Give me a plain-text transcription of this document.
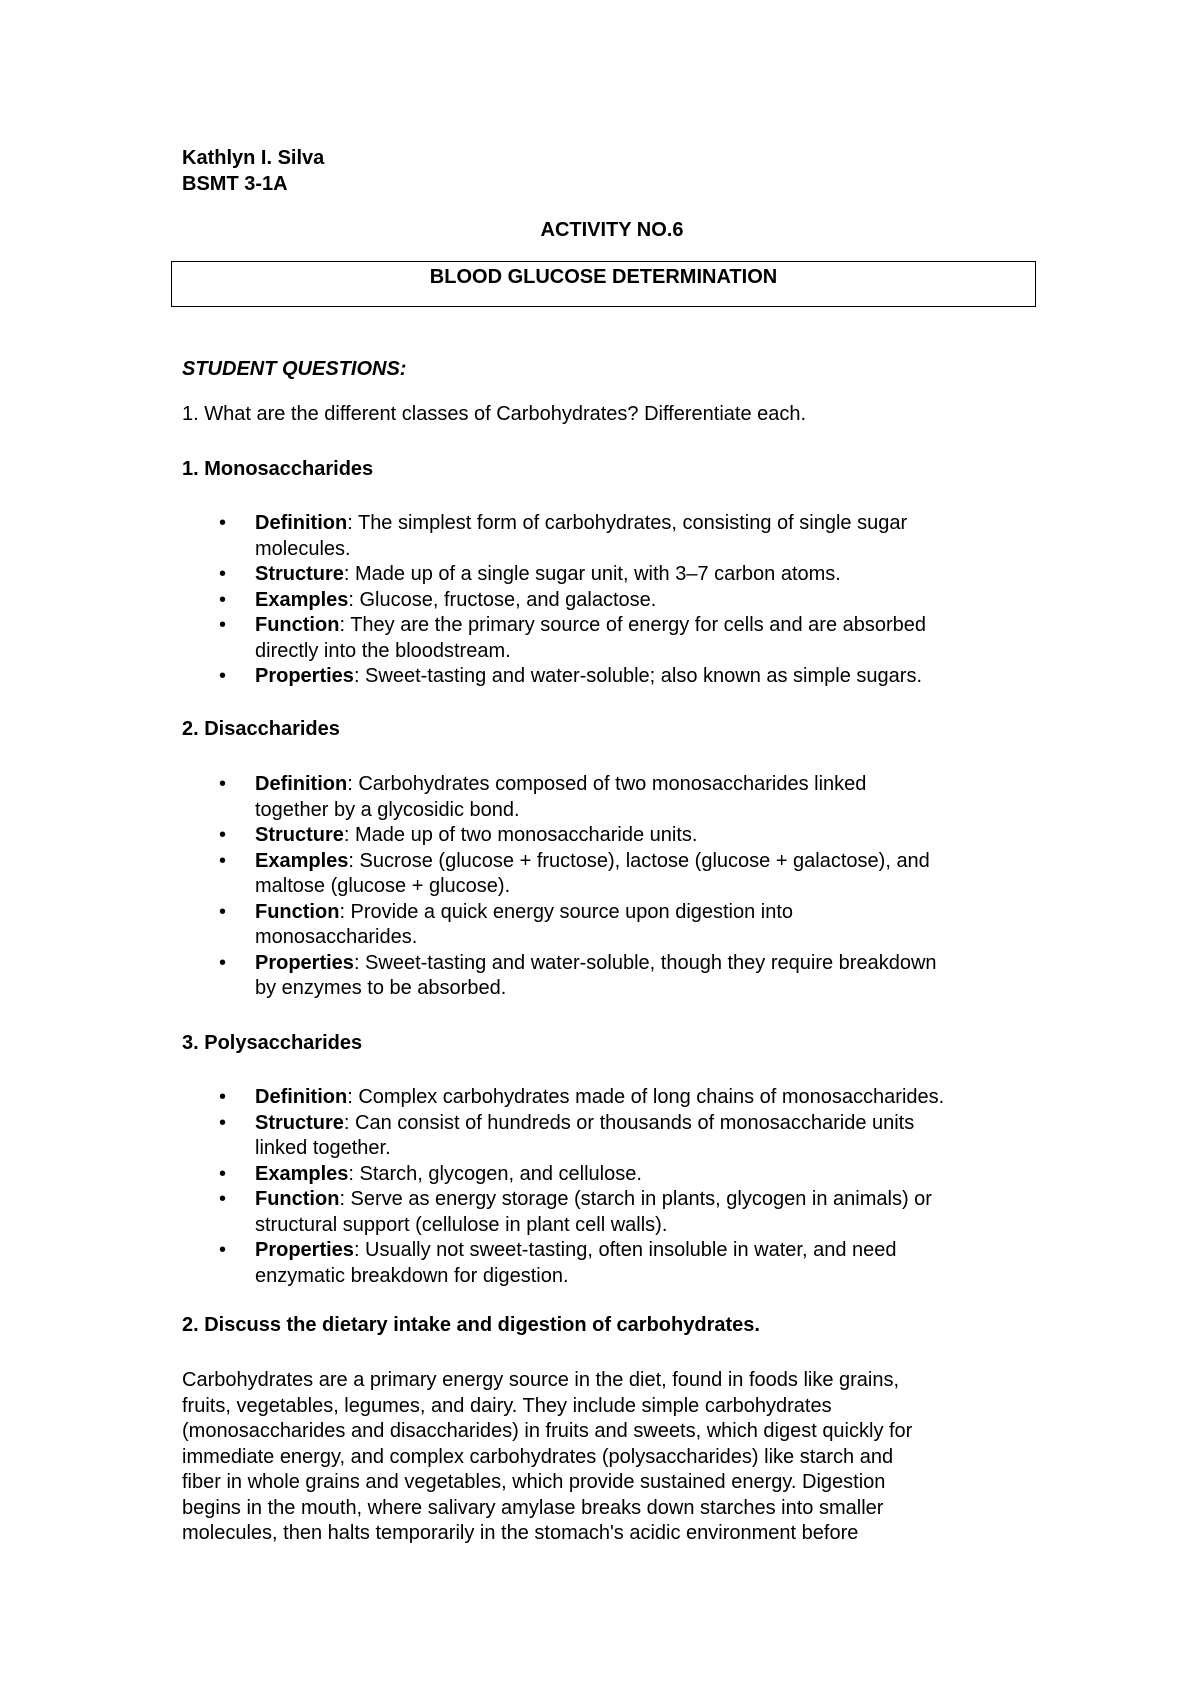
Kathlyn I. Silva
BSMT 3-1A
ACTIVITY NO.6
BLOOD GLUCOSE DETERMINATION
STUDENT QUESTIONS:
1. What are the different classes of Carbohydrates? Differentiate each.
1. Monosaccharides
• Definition: The simplest form of carbohydrates, consisting of single sugar
molecules.
• Structure: Made up of a single sugar unit, with 3–7 carbon atoms.
• Examples: Glucose, fructose, and galactose.
• Function: They are the primary source of energy for cells and are absorbed
directly into the bloodstream.
• Properties: Sweet-tasting and water-soluble; also known as simple sugars.
2. Disaccharides
• Definition: Carbohydrates composed of two monosaccharides linked
together by a glycosidic bond.
• Structure: Made up of two monosaccharide units.
• Examples: Sucrose (glucose + fructose), lactose (glucose + galactose), and
maltose (glucose + glucose).
• Function: Provide a quick energy source upon digestion into
monosaccharides.
• Properties: Sweet-tasting and water-soluble, though they require breakdown
by enzymes to be absorbed.
3. Polysaccharides
• Definition: Complex carbohydrates made of long chains of monosaccharides.
• Structure: Can consist of hundreds or thousands of monosaccharide units
linked together.
• Examples: Starch, glycogen, and cellulose.
• Function: Serve as energy storage (starch in plants, glycogen in animals) or
structural support (cellulose in plant cell walls).
• Properties: Usually not sweet-tasting, often insoluble in water, and need
enzymatic breakdown for digestion.
2. Discuss the dietary intake and digestion of carbohydrates.
Carbohydrates are a primary energy source in the diet, found in foods like grains,
fruits, vegetables, legumes, and dairy. They include simple carbohydrates
(monosaccharides and disaccharides) in fruits and sweets, which digest quickly for
immediate energy, and complex carbohydrates (polysaccharides) like starch and
fiber in whole grains and vegetables, which provide sustained energy. Digestion
begins in the mouth, where salivary amylase breaks down starches into smaller
molecules, then halts temporarily in the stomach's acidic environment before
